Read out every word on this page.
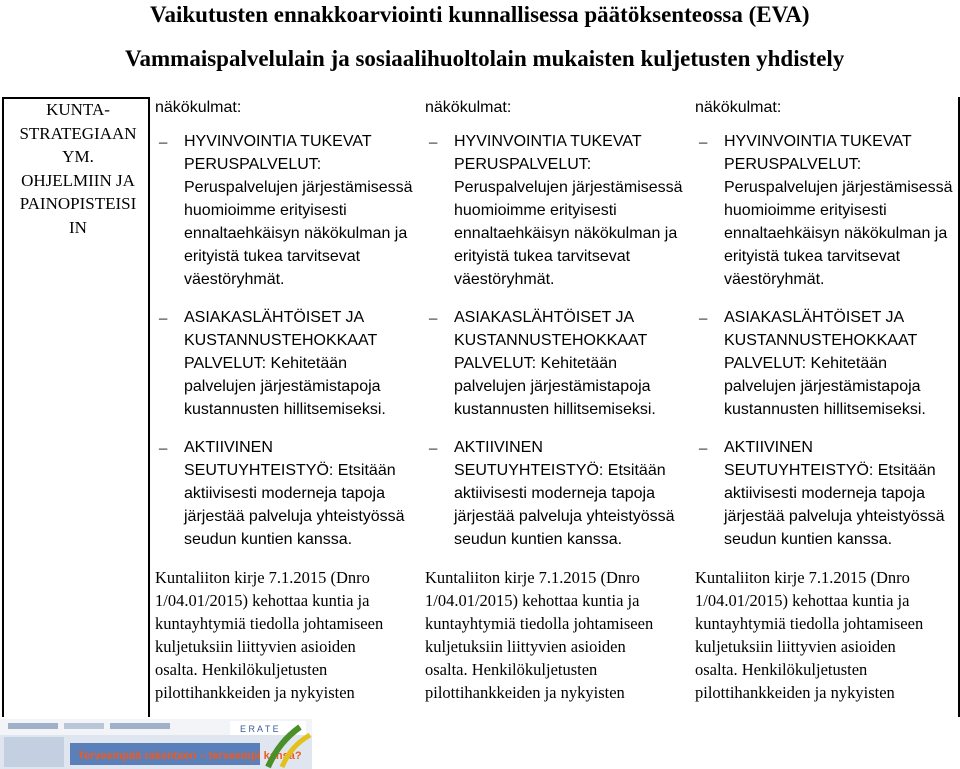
Vaikutusten ennakkoarviointi kunnallisessa päätöksenteossa (EVA)
Vammaispalvelulain ja sosiaalihuoltolain mukaisten kuljetusten yhdistely
KUNTA-
STRATEGIAAN
YM.
OHJELMIIN JA
PAINOPISTEISI
IN
näkökulmat:
– HYVINVOINTIA TUKEVAT
PERUSPALVELUT:
Peruspalvelujen järjestämisessä
huomioimme erityisesti
ennaltaehkäisyn näkökulman ja
erityistä tukea tarvitsevat
väestöryhmät.
– ASIAKASLÄHTÖISET JA
KUSTANNUSTEHOKKAAT
PALVELUT: Kehitetään
palvelujen järjestämistapoja
kustannusten hillitsemiseksi.
– AKTIIVINEN
SEUTUYHTEISTYÖ: Etsitään
aktiivisesti moderneja tapoja
järjestää palveluja yhteistyössä
seudun kuntien kanssa.
Kuntaliiton kirje 7.1.2015 (Dnro
1/04.01/2015) kehottaa kuntia ja
kuntayhtymiä tiedolla johtamiseen
kuljetuksiin liittyvien asioiden
osalta. Henkilökuljetusten
pilottihankkeiden ja nykyisten
näkökulmat:
– HYVINVOINTIA TUKEVAT
PERUSPALVELUT:
Peruspalvelujen järjestämisessä
huomioimme erityisesti
ennaltaehkäisyn näkökulman ja
erityistä tukea tarvitsevat
väestöryhmät.
– ASIAKASLÄHTÖISET JA
KUSTANNUSTEHOKKAAT
PALVELUT: Kehitetään
palvelujen järjestämistapoja
kustannusten hillitsemiseksi.
– AKTIIVINEN
SEUTUYHTEISTYÖ: Etsitään
aktiivisesti moderneja tapoja
järjestää palveluja yhteistyössä
seudun kuntien kanssa.
Kuntaliiton kirje 7.1.2015 (Dnro
1/04.01/2015) kehottaa kuntia ja
kuntayhtymiä tiedolla johtamiseen
kuljetuksiin liittyvien asioiden
osalta. Henkilökuljetusten
pilottihankkeiden ja nykyisten
näkökulmat:
– HYVINVOINTIA TUKEVAT
PERUSPALVELUT:
Peruspalvelujen järjestämisessä
huomioimme erityisesti
ennaltaehkäisyn näkökulman ja
erityistä tukea tarvitsevat
väestöryhmät.
– ASIAKASLÄHTÖISET JA
KUSTANNUSTEHOKKAAT
PALVELUT: Kehitetään
palvelujen järjestämistapoja
kustannusten hillitsemiseksi.
– AKTIIVINEN
SEUTUYHTEISTYÖ: Etsitään
aktiivisesti moderneja tapoja
järjestää palveluja yhteistyössä
seudun kuntien kanssa.
Kuntaliiton kirje 7.1.2015 (Dnro
1/04.01/2015) kehottaa kuntia ja
kuntayhtymiä tiedolla johtamiseen
kuljetuksiin liittyvien asioiden
osalta. Henkilökuljetusten
pilottihankkeiden ja nykyisten
Terveempää rakentaen – terveempi kansa?
E R A T E
